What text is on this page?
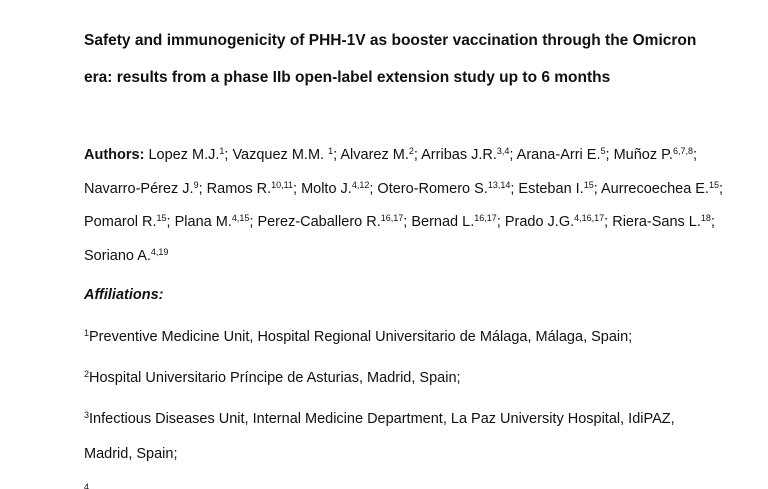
Safety and immunogenicity of PHH-1V as booster vaccination through the Omicron era: results from a phase IIb open-label extension study up to 6 months

Authors: Lopez M.J.$^1$; Vazquez M.M. $^1$; Alvarez M.$^2$; Arribas J.R.$^{3,4}$; Arana-Arri E.$^5$; Muñoz P.$^{6,7,8}$; Navarro-Pérez J.$^9$; Ramos R.$^{10,11}$; Molto J.$^{4,12}$; Otero-Romero S.$^{13,14}$; Esteban I.$^{15}$; Aurrecoechea E.$^{15}$; Pomarol R.$^{15}$; Plana M.$^{4,15}$; Perez-Caballero R.$^{16,17}$; Bernad L.$^{16,17}$; Prado J.G.$^{4,16,17}$; Riera-Sans L.$^{18}$; Soriano A.$^{4,19}$

Affiliations:

$^1$Preventive Medicine Unit, Hospital Regional Universitario de Málaga, Málaga, Spain;

$^2$Hospital Universitario Príncipe de Asturias, Madrid, Spain;

$^3$Infectious Diseases Unit, Internal Medicine Department, La Paz University Hospital, IdiPAZ, Madrid, Spain;

$^4$
